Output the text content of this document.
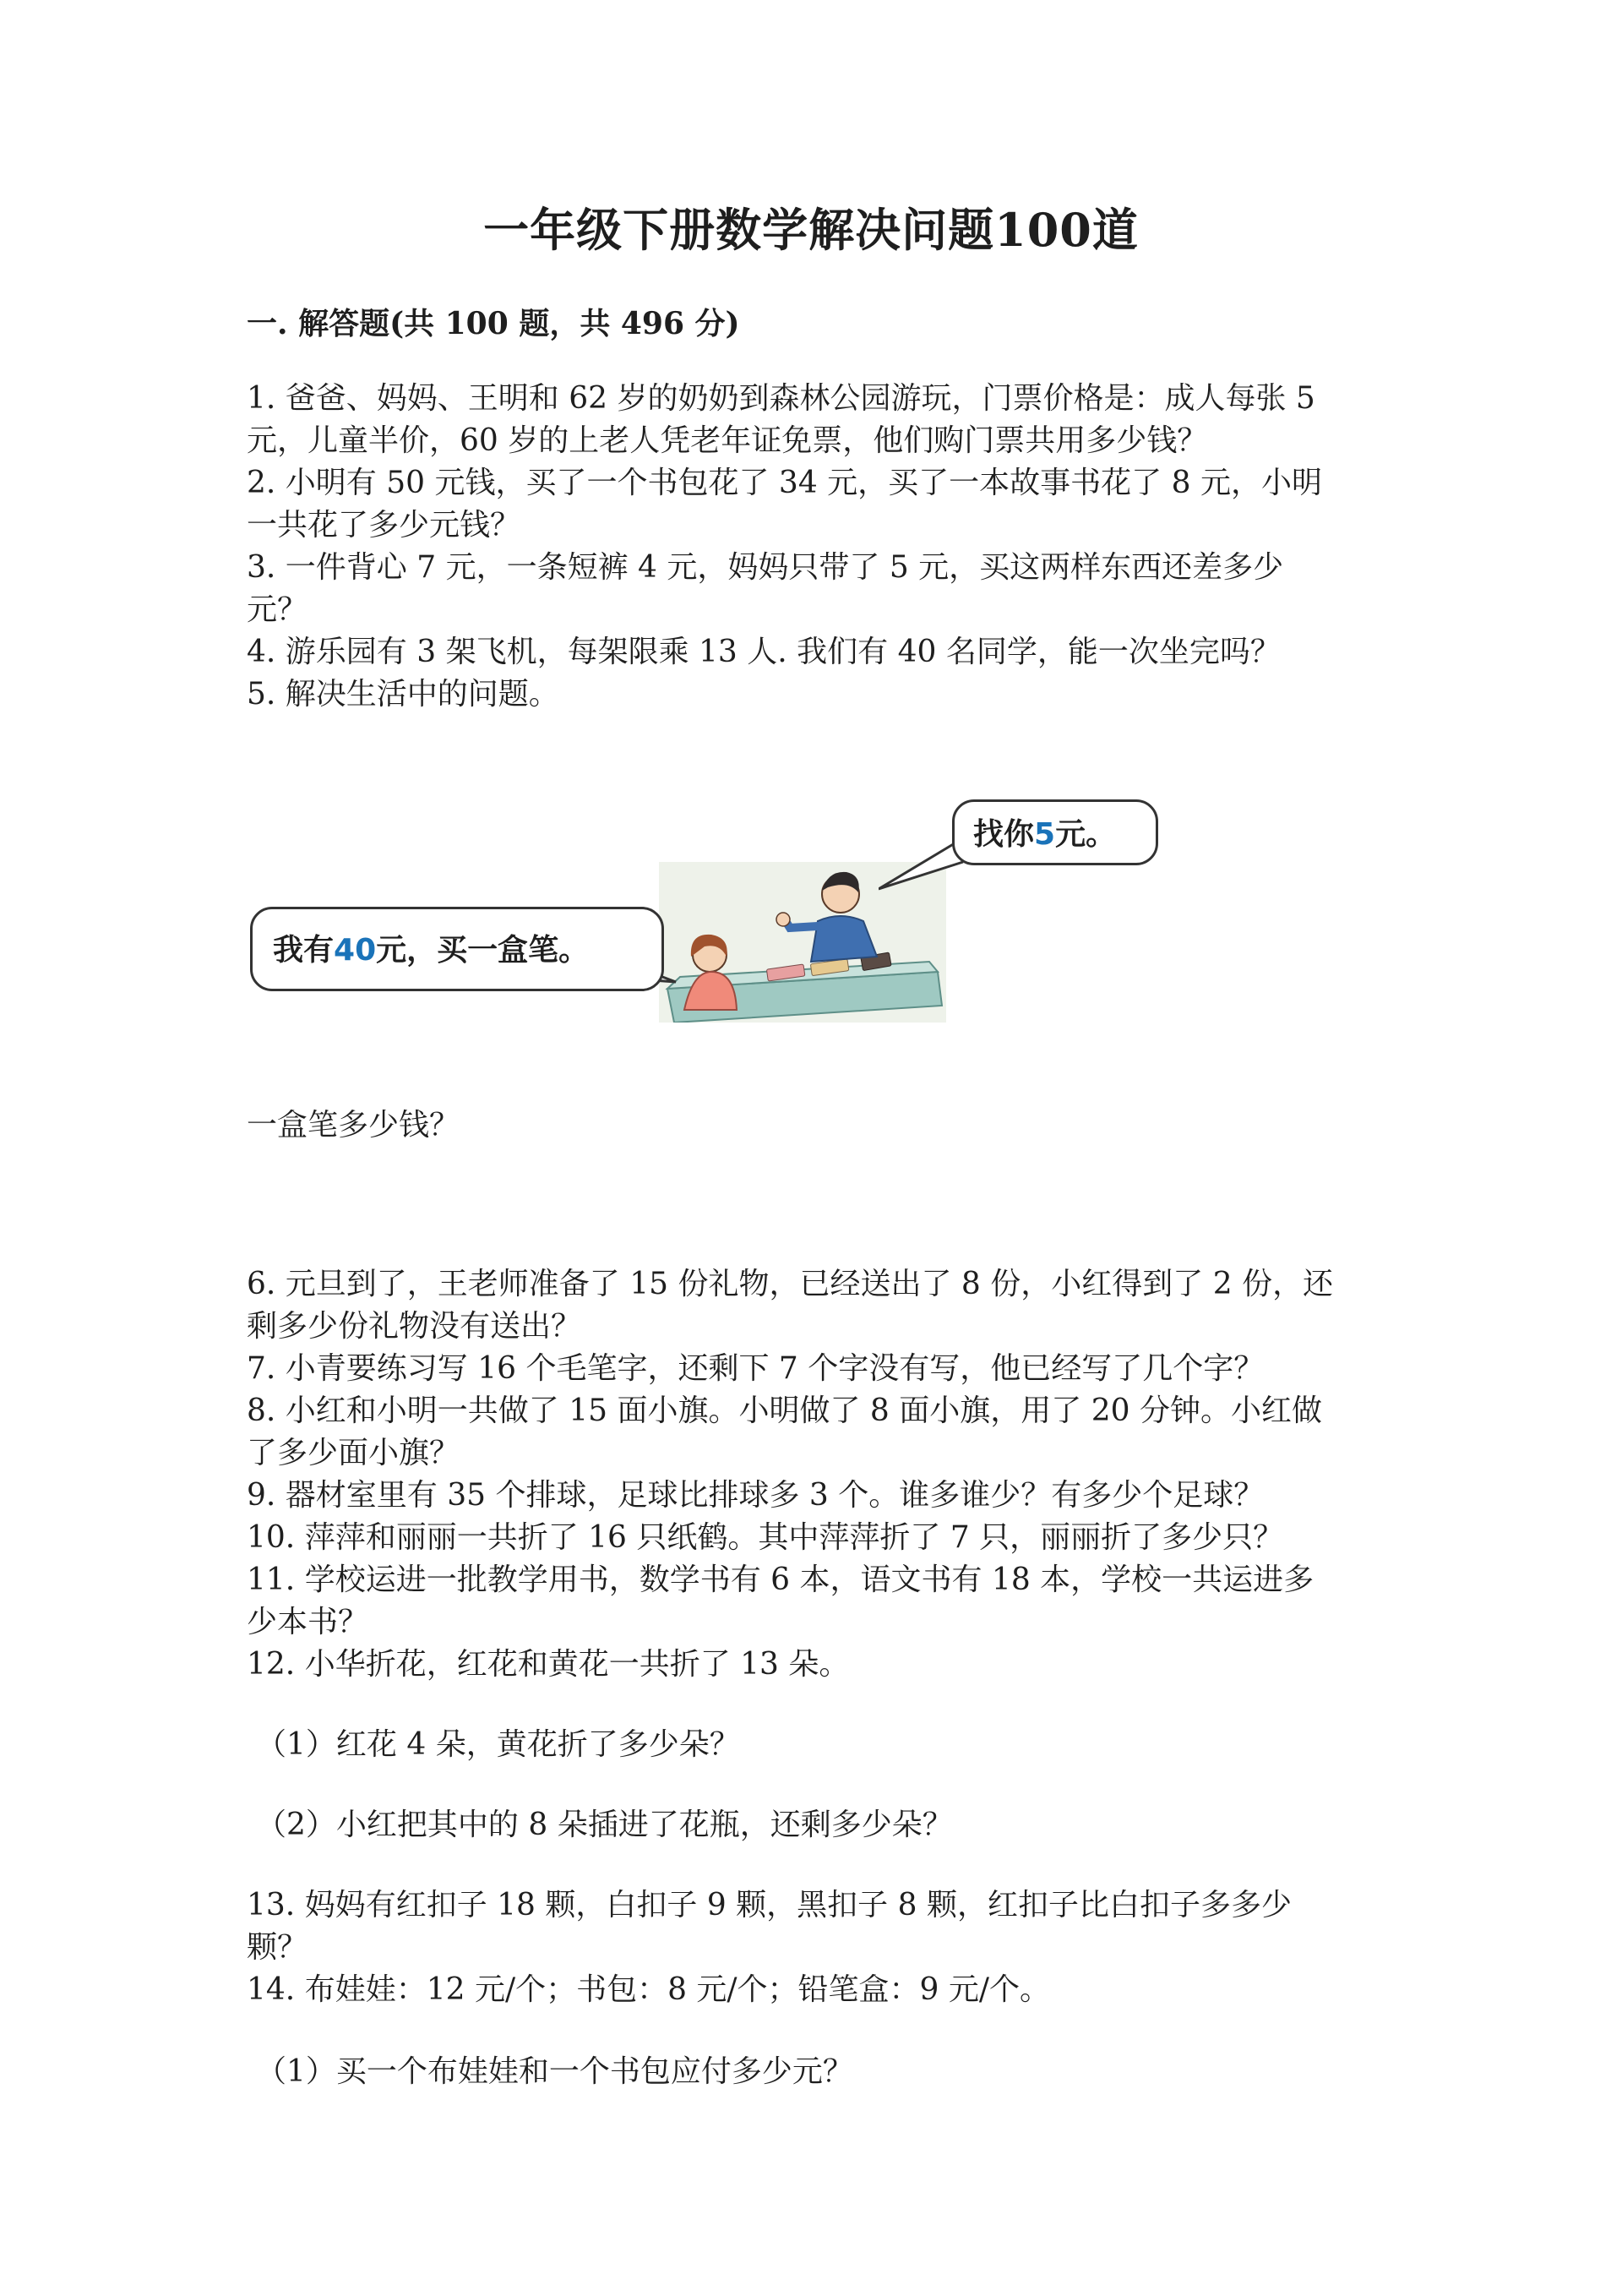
一年级下册数学解决问题100道
一. 解答题(共 100 题，共 496 分)
1. 爸爸、妈妈、王明和 62 岁的奶奶到森林公园游玩，门票价格是：成人每张 5
元，儿童半价，60 岁的上老人凭老年证免票，他们购门票共用多少钱？
2. 小明有 50 元钱，买了一个书包花了 34 元，买了一本故事书花了 8 元，小明
一共花了多少元钱？
3. 一件背心 7 元，一条短裤 4 元，妈妈只带了 5 元，买这两样东西还差多少
元？
4. 游乐园有 3 架飞机，每架限乘 13 人. 我们有 40 名同学，能一次坐完吗？
5. 解决生活中的问题。
找你5元。
我有40元，买一盒笔。
一盒笔多少钱？
6. 元旦到了，王老师准备了 15 份礼物，已经送出了 8 份，小红得到了 2 份，还
剩多少份礼物没有送出？
7. 小青要练习写 16 个毛笔字，还剩下 7 个字没有写，他已经写了几个字？
8. 小红和小明一共做了 15 面小旗。小明做了 8 面小旗，用了 20 分钟。小红做
了多少面小旗？
9. 器材室里有 35 个排球，足球比排球多 3 个。谁多谁少？有多少个足球？
10. 萍萍和丽丽一共折了 16 只纸鹤。其中萍萍折了 7 只，丽丽折了多少只？
11. 学校运进一批教学用书，数学书有 6 本，语文书有 18 本，学校一共运进多
少本书？
12. 小华折花，红花和黄花一共折了 13 朵。
（1）红花 4 朵，黄花折了多少朵？
（2）小红把其中的 8 朵插进了花瓶，还剩多少朵？
13. 妈妈有红扣子 18 颗，白扣子 9 颗，黑扣子 8 颗，红扣子比白扣子多多少
颗？
14. 布娃娃：12 元/个；书包：8 元/个；铅笔盒：9 元/个。
（1）买一个布娃娃和一个书包应付多少元？
